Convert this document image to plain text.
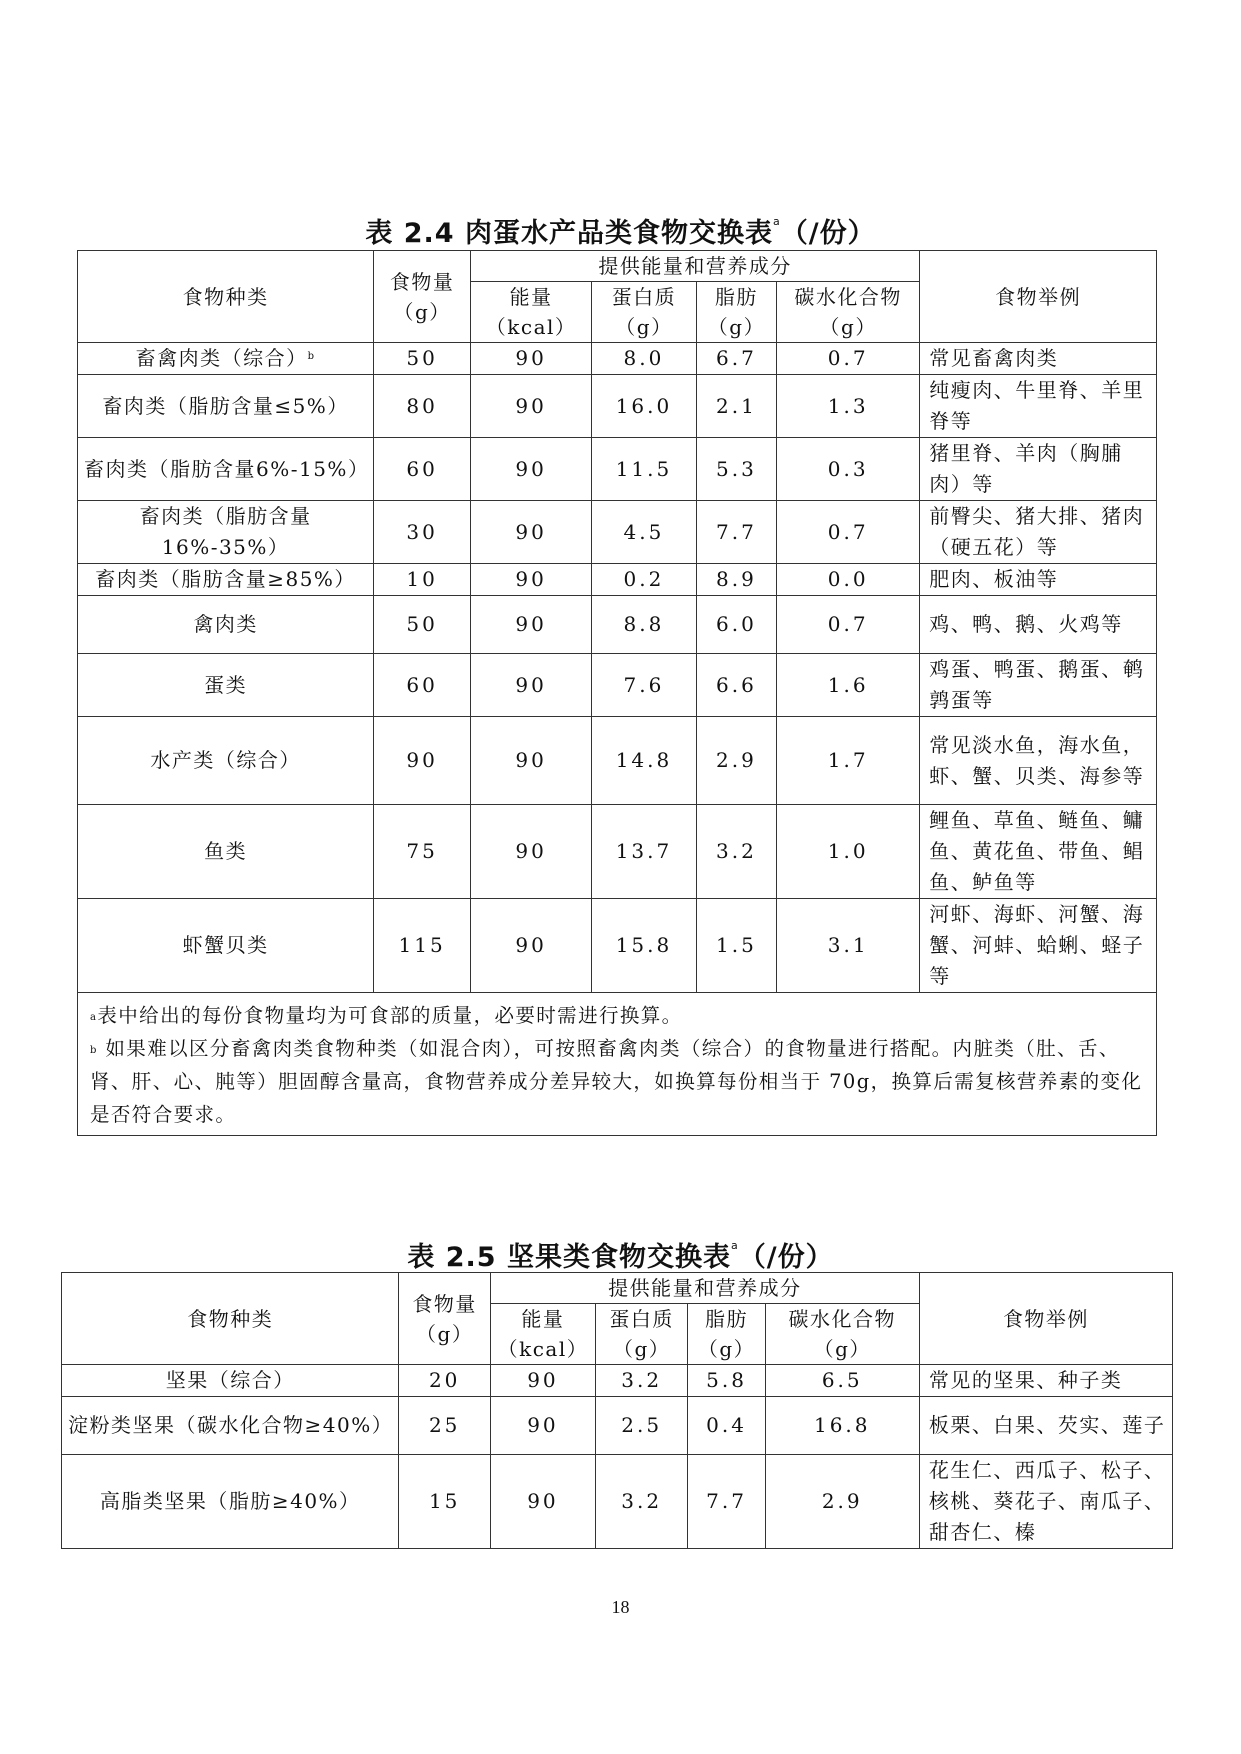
表 2.4 肉蛋水产品类食物交换表$^a$（/份）
食物种类	食物量（g）	提供能量和营养成分				食物举例
		能量（kcal）	蛋白质（g）	脂肪（g）	碳水化合物（g）	
畜禽肉类（综合）$^b$	50	90	8.0	6.7	0.7	常见畜禽肉类
畜肉类（脂肪含量≤5%）	80	90	16.0	2.1	1.3	纯瘦肉、牛里脊、羊里脊等
畜肉类（脂肪含量6%-15%）	60	90	11.5	5.3	0.3	猪里脊、羊肉（胸脯肉）等
畜肉类（脂肪含量16%-35%）	30	90	4.5	7.7	0.7	前臀尖、猪大排、猪肉（硬五花）等
畜肉类（脂肪含量≥85%）	10	90	0.2	8.9	0.0	肥肉、板油等
禽肉类	50	90	8.8	6.0	0.7	鸡、鸭、鹅、火鸡等
蛋类	60	90	7.6	6.6	1.6	鸡蛋、鸭蛋、鹅蛋、鹌鹑蛋等
水产类（综合）	90	90	14.8	2.9	1.7	常见淡水鱼，海水鱼，虾、蟹、贝类、海参等
鱼类	75	90	13.7	3.2	1.0	鲤鱼、草鱼、鲢鱼、鳙鱼、黄花鱼、带鱼、鲳鱼、鲈鱼等
虾蟹贝类	115	90	15.8	1.5	3.1	河虾、海虾、河蟹、海蟹、河蚌、蛤蜊、蛏子等

$^a$表中给出的每份食物量均为可食部的质量，必要时需进行换算。
$^b$ 如果难以区分畜禽肉类食物种类（如混合肉），可按照畜禽肉类（综合）的食物量进行搭配。内脏类（肚、舌、肾、肝、心、肫等）胆固醇含量高，食物营养成分差异较大，如换算每份相当于 70g，换算后需复核营养素的变化是否符合要求。						
表 2.5 坚果类食物交换表$^a$（/份）
食物种类	食物量（g）	提供能量和营养成分				食物举例
		能量（kcal）	蛋白质（g）	脂肪（g）	碳水化合物（g）	
坚果（综合）	20	90	3.2	5.8	6.5	常见的坚果、种子类
淀粉类坚果（碳水化合物≥40%）	25	90	2.5	0.4	16.8	板栗、白果、芡实、莲子
高脂类坚果（脂肪≥40%）	15	90	3.2	7.7	2.9	花生仁、西瓜子、松子、核桃、葵花子、南瓜子、甜杏仁、榛
18
